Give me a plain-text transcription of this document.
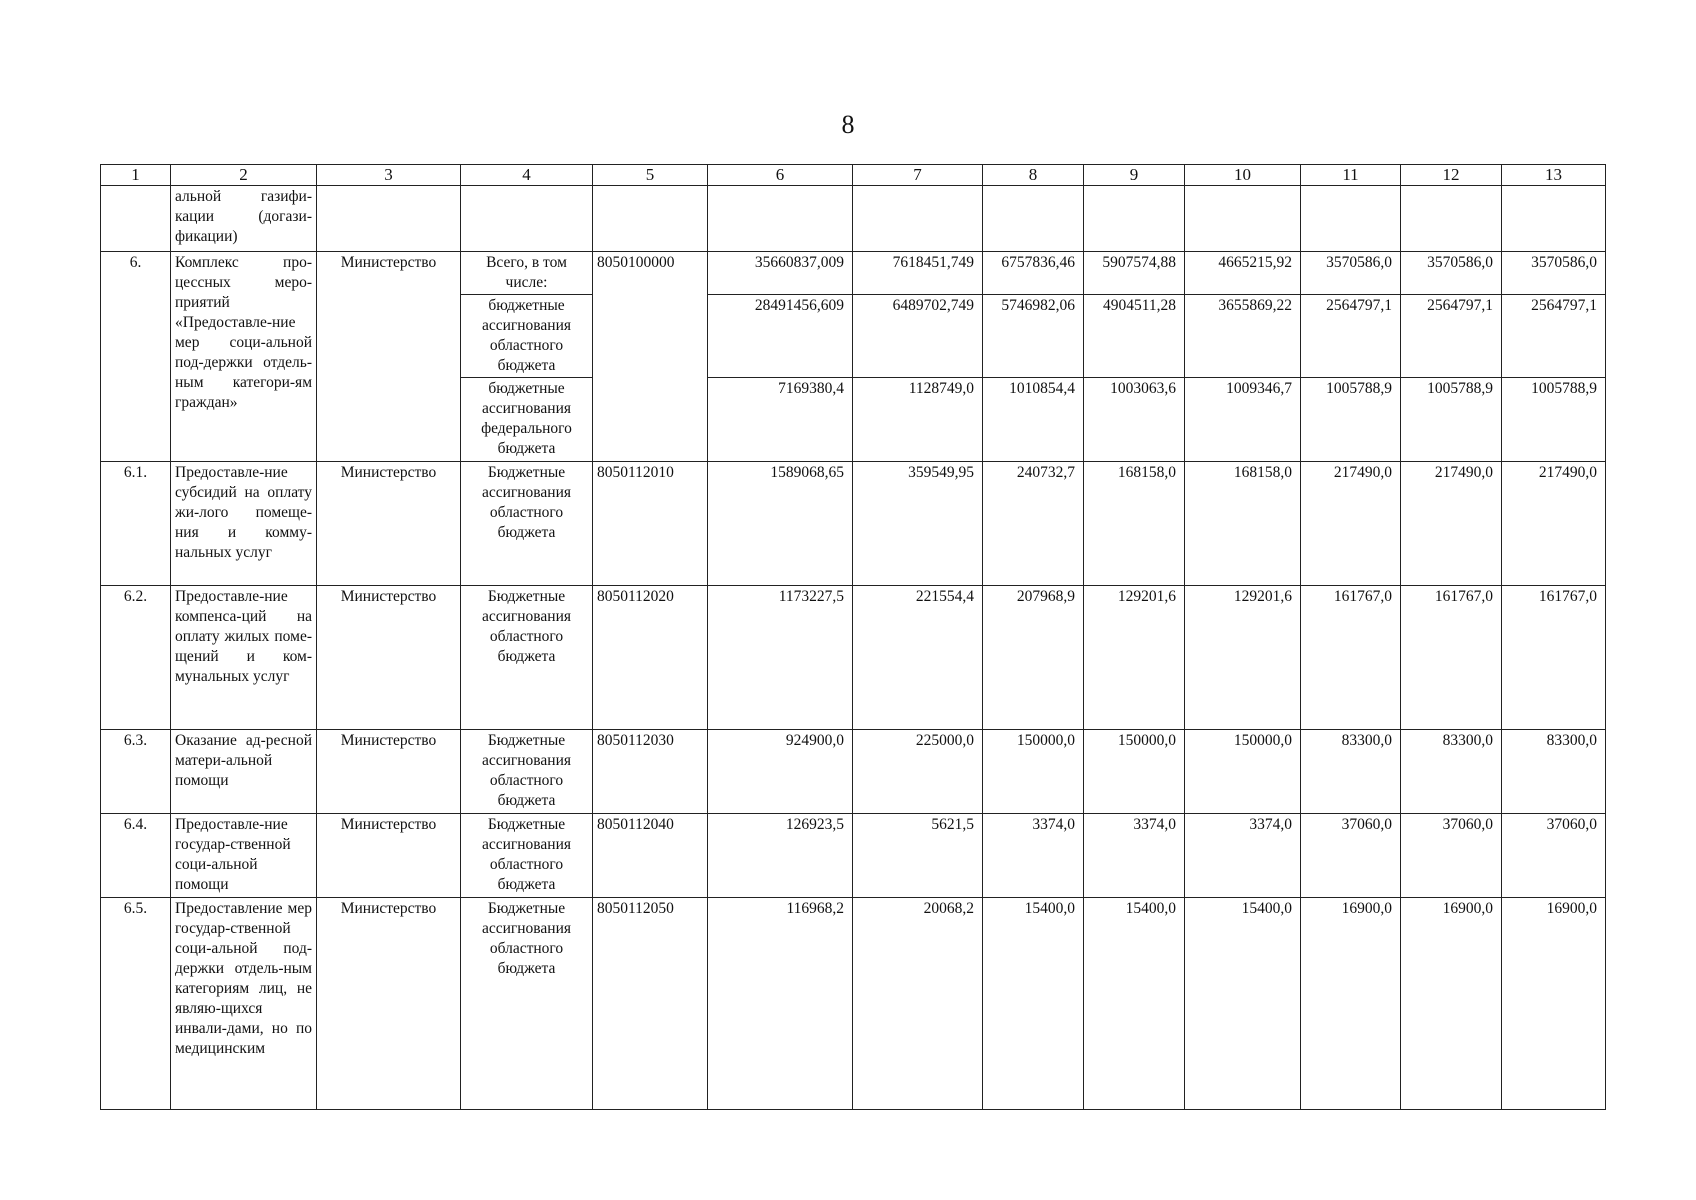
8
1	2	3	4	5	6	7	8	9	10	11	12	13
	альной газифи-кации (догази-фикации)											
6.	Комплекс про-цессных меро-приятий «Предоставле-ние мер соци-альной под-держки отдель-ным категори-ям граждан»	Министерство	Всего, в том числе:	8050100000	35660837,009	7618451,749	6757836,46	5907574,88	4665215,92	3570586,0	3570586,0	3570586,0
			бюджетные ассигнования областного бюджета		28491456,609	6489702,749	5746982,06	4904511,28	3655869,22	2564797,1	2564797,1	2564797,1
			бюджетные ассигнования федерального бюджета		7169380,4	1128749,0	1010854,4	1003063,6	1009346,7	1005788,9	1005788,9	1005788,9
6.1.	Предоставле-ние субсидий на оплату жи-лого помеще-ния и комму-нальных услуг	Министерство	Бюджетные ассигнования областного бюджета	8050112010	1589068,65	359549,95	240732,7	168158,0	168158,0	217490,0	217490,0	217490,0
6.2.	Предоставле-ние компенса-ций на оплату жилых поме-щений и ком-мунальных услуг	Министерство	Бюджетные ассигнования областного бюджета	8050112020	1173227,5	221554,4	207968,9	129201,6	129201,6	161767,0	161767,0	161767,0
6.3.	Оказание ад-ресной матери-альной помощи	Министерство	Бюджетные ассигнования областного бюджета	8050112030	924900,0	225000,0	150000,0	150000,0	150000,0	83300,0	83300,0	83300,0
6.4.	Предоставле-ние государ-ственной соци-альной помощи	Министерство	Бюджетные ассигнования областного бюджета	8050112040	126923,5	5621,5	3374,0	3374,0	3374,0	37060,0	37060,0	37060,0
6.5.	Предоставление мер государ-ственной соци-альной под-держки отдель-ным категориям лиц, не являю-щихся инвали-дами, но по медицинским	Министерство	Бюджетные ассигнования областного бюджета	8050112050	116968,2	20068,2	15400,0	15400,0	15400,0	16900,0	16900,0	16900,0
